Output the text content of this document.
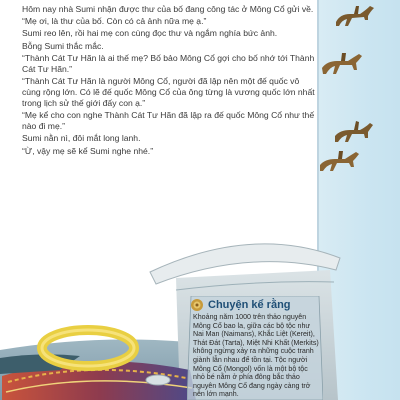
Hôm nay nhà Sumi nhận được thư của bố đang công tác ở Mông Cổ gửi về.

“Mẹ ơi, là thư của bố. Còn có cả ảnh nữa mẹ ạ.”

Sumi reo lên, rồi hai mẹ con cùng đọc thư và ngắm nghía bức ảnh.

Bỗng Sumi thắc mắc.

“Thành Cát Tư Hãn là ai thế mẹ? Bố bảo Mông Cổ gợi cho bố nhớ tới Thành Cát Tư Hãn.”

“Thành Cát Tư Hãn là người Mông Cổ, người đã lập nên một đế quốc vô cùng rộng lớn. Có lẽ đế quốc Mông Cổ của ông từng là vương quốc lớn nhất trong lịch sử thế giới đấy con ạ.”

“Mẹ kể cho con nghe Thành Cát Tư Hãn đã lập ra đế quốc Mông Cổ như thế nào đi mẹ.”

Sumi nằn nì, đôi mắt long lanh.

“Ừ, vậy mẹ sẽ kể Sumi nghe nhé.”

Chuyện kể rằng
Khoảng năm 1000 trên thảo nguyên Mông Cổ bao la, giữa các bộ tộc như Nai Man (Naimans), Khắc Liệt (Kereit), Thát Đát (Tarta), Miệt Nhi Khất (Merkits) không ngừng xảy ra những cuộc tranh giành lẫn nhau để tồn tại. Tộc người Mông Cổ (Mongol) vốn là một bộ tộc nhỏ bé nằm ở phía đông bắc thảo nguyên Mông Cổ đang ngày càng trở nên lớn mạnh.
